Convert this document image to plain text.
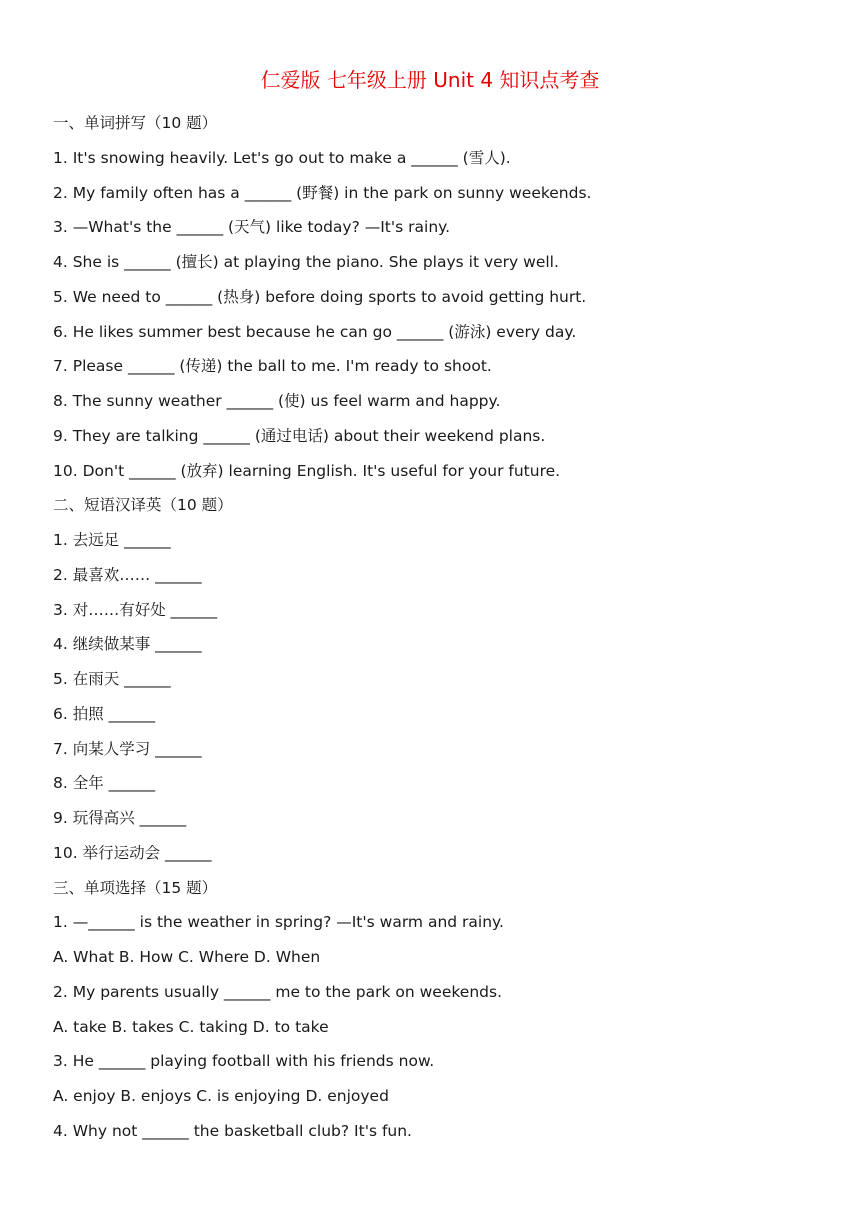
仁爱版 七年级上册 Unit 4 知识点考查
一、单词拼写（10 题）
1. It's snowing heavily. Let's go out to make a ______ (雪人).
2. My family often has a ______ (野餐) in the park on sunny weekends.
3. —What's the ______ (天气) like today? —It's rainy.
4. She is ______ (擅长) at playing the piano. She plays it very well.
5. We need to ______ (热身) before doing sports to avoid getting hurt.
6. He likes summer best because he can go ______ (游泳) every day.
7. Please ______ (传递) the ball to me. I'm ready to shoot.
8. The sunny weather ______ (使) us feel warm and happy.
9. They are talking ______ (通过电话) about their weekend plans.
10. Don't ______ (放弃) learning English. It's useful for your future.
二、短语汉译英（10 题）
1. 去远足 ______
2. 最喜欢…… ______
3. 对……有好处 ______
4. 继续做某事 ______
5. 在雨天 ______
6. 拍照 ______
7. 向某人学习 ______
8. 全年 ______
9. 玩得高兴 ______
10. 举行运动会 ______
三、单项选择（15 题）
1. —______ is the weather in spring? —It's warm and rainy.
A. What B. How C. Where D. When
2. My parents usually ______ me to the park on weekends.
A. take B. takes C. taking D. to take
3. He ______ playing football with his friends now.
A. enjoy B. enjoys C. is enjoying D. enjoyed
4. Why not ______ the basketball club? It's fun.
